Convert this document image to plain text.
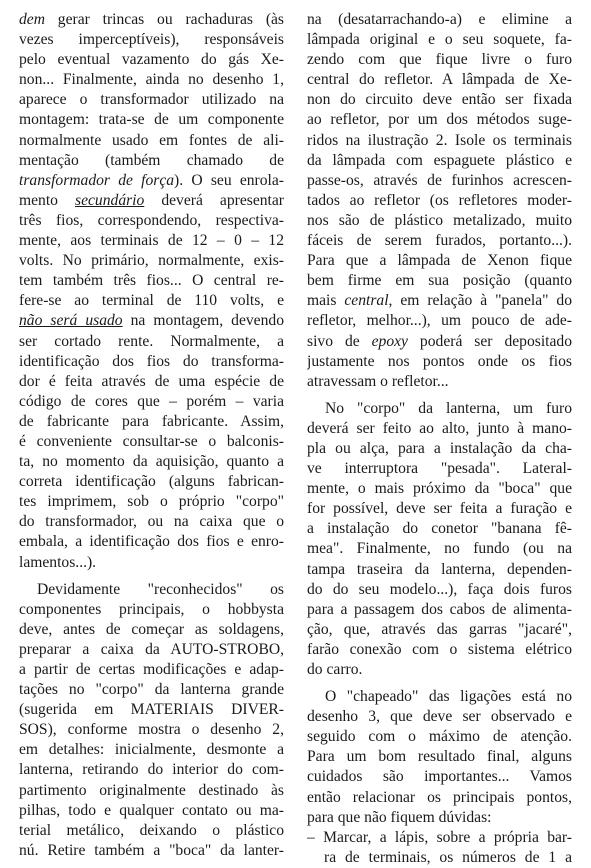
dem gerar trincas ou rachaduras (às
vezes imperceptíveis), responsáveis
pelo eventual vazamento do gás Xe-
non... Finalmente, ainda no desenho 1,
aparece o transformador utilizado na
montagem: trata-se de um componente
normalmente usado em fontes de ali-
mentação (também chamado de
transformador de força). O seu enrola-
mento secundário deverá apresentar
três fios, correspondendo, respectiva-
mente, aos terminais de 12 – 0 – 12
volts. No primário, normalmente, exis-
tem também três fios... O central re-
fere-se ao terminal de 110 volts, e
não será usado na montagem, devendo
ser cortado rente. Normalmente, a
identificação dos fios do transforma-
dor é feita através de uma espécie de
código de cores que – porém – varia
de fabricante para fabricante. Assim,
é conveniente consultar-se o balconis-
ta, no momento da aquisição, quanto a
correta identificação (alguns fabrican-
tes imprimem, sob o próprio "corpo"
do transformador, ou na caixa que o
embala, a identificação dos fios e enro-
lamentos...).
Devidamente "reconhecidos" os
componentes principais, o hobbysta
deve, antes de começar as soldagens,
preparar a caixa da AUTO-STROBO,
a partir de certas modificações e adap-
tações no "corpo" da lanterna grande
(sugerida em MATERIAIS DIVER-
SOS), conforme mostra o desenho 2,
em detalhes: inicialmente, desmonte a
lanterna, retirando do interior do com-
partimento originalmente destinado às
pilhas, todo e qualquer contato ou ma-
terial metálico, deixando o plástico
nú. Retire também a "boca" da lanter-
na (desatarrachando-a) e elimine a
lâmpada original e o seu soquete, fa-
zendo com que fique livre o furo
central do refletor. A lâmpada de Xe-
non do circuito deve então ser fixada
ao refletor, por um dos métodos suge-
ridos na ilustração 2. Isole os terminais
da lâmpada com espaguete plástico e
passe-os, através de furinhos acrescen-
tados ao refletor (os refletores moder-
nos são de plástico metalizado, muito
fáceis de serem furados, portanto...).
Para que a lâmpada de Xenon fique
bem firme em sua posição (quanto
mais central, em relação à "panela" do
refletor, melhor...), um pouco de ade-
sivo de epoxy poderá ser depositado
justamente nos pontos onde os fios
atravessam o refletor...
No "corpo" da lanterna, um furo
deverá ser feito ao alto, junto à mano-
pla ou alça, para a instalação da cha-
ve interruptora "pesada". Lateral-
mente, o mais próximo da "boca" que
for possível, deve ser feita a furação e
a instalação do conetor "banana fê-
mea". Finalmente, no fundo (ou na
tampa traseira da lanterna, dependen-
do do seu modelo...), faça dois furos
para a passagem dos cabos de alimenta-
ção, que, através das garras "jacaré",
farão conexão com o sistema elétrico
do carro.
O "chapeado" das ligações está no
desenho 3, que deve ser observado e
seguido com o máximo de atenção.
Para um bom resultado final, alguns
cuidados são importantes... Vamos
então relacionar os principais pontos,
para que não fiquem dúvidas:
– Marcar, a lápis, sobre a própria bar-
ra de terminais, os números de 1 a
